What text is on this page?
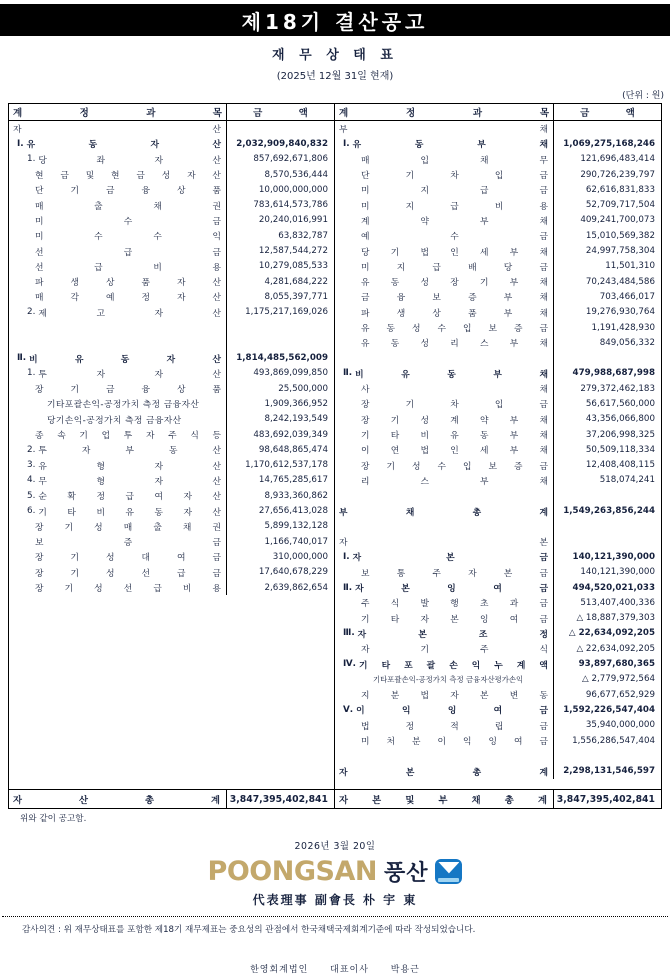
제18기 결산공고
재 무 상 태 표
(2025년 12월 31일 현재)
(단위 : 원)
계	정	과	목	금	액
자	산
Ⅰ. 유	동	자	산	2,032,909,840,832
1. 당	좌	자	산	857,692,671,806
현 금 및 현 금 성 자 산	8,570,536,444
단	기	금	융	상	품	10,000,000,000
매	출	채	권	783,614,573,786
미	수	금	20,240,016,991
미	수	수	익	63,832,787
선	급	금	12,587,544,272
선	급	비	용	10,279,085,533
파	생	상	품	자	산	4,281,684,222
매	각	예	정	자	산	8,055,397,771
2. 제	고	자	산	1,175,217,169,026
Ⅱ. 비	유	동	자	산	1,814,485,562,009
1. 투	자	자	산	493,869,099,850
장	기	금	융	상	품	25,500,000
기타포괄손익-공정가치 측정 금융자산	1,909,366,952
당기손익-공정가치 측정 금융자산	8,242,193,549
종 속 기 업 투 자 주 식 등	483,692,039,349
2. 투	자	부	동	산	98,648,865,474
3. 유	형	자	산	1,170,612,537,178
4. 무	형	자	산	14,765,285,617
5. 순 확 정 급 여 자 산	8,933,360,862
6. 기 타 비 유 동 자 산	27,656,413,028
장 기 성 매 출 채 권	5,899,132,128
보	증	금	1,166,740,017
장	기	성	대	여	금	310,000,000
장	기	성	선	급	금	17,640,678,229
장 기 성 선 급 비 용	2,639,862,654
자	산	총	계 3,847,395,402,841
계	정	과	목	금	액
부	채
Ⅰ. 유	동	부	채	1,069,275,168,246
매	입	채	무	121,696,483,414
단	기	차	입	금	290,726,239,797
미	지	급	금	62,616,831,833
미	지	급	비	용	52,709,717,504
계	약	부	채	409,241,700,073
예	수	금	15,010,569,382
당 기 법 인 세 부 채	24,997,758,304
미	지	급	배	당	금	11,501,310
유 동 성 장 기 부 채	70,243,484,586
금	융	보	증	부	채	703,466,017
파	생	상	품	부	채	19,276,930,764
유 동 성 수 입 보 증 금	1,191,428,930
유 동 성 리 스 부 채	849,056,332
Ⅱ. 비	유	동	부	채	479,988,687,998
사	채	279,372,462,183
장	기	차	입	금	56,617,560,000
장 기 성 계 약 부 채	43,356,066,800
기 타 비 유 동 부 채	37,206,998,325
이 연 법 인 세 부 채	50,509,118,334
장 기 성 수 입 보 증 금	12,408,408,115
리	스	부	채	518,074,241
부	채	총	계	1,549,263,856,244
자	본
Ⅰ. 자	본	금	140,121,390,000
보	통	주	자	본	금	140,121,390,000
Ⅱ. 자	본	잉	여	금	494,520,021,033
주 식 발 행 초 과 금	513,407,400,336
기 타 자 본 잉 여 금	△ 18,887,379,303
Ⅲ. 자	본	조	정	△ 22,634,092,205
자	기	주	식	△ 22,634,092,205
Ⅳ. 기 타 포 괄 손 익 누 계 액	93,897,680,365
기타포괄손익-공정가치 측정 금융자산평가손익	△ 2,779,972,564
지 분 법 자 본 변 동	96,677,652,929
Ⅴ. 이	익	잉	여	금	1,592,226,547,404
법	정	적	립	금	35,940,000,000
미 처 분 이 익 잉 여 금	1,556,286,547,404
자	본	총	계	2,298,131,546,597
자	본	및	부	채	총	계 3,847,395,402,841
위와 같이 공고함.
2026년 3월 20일
POONGSAN 풍산
代表理事 副會長 朴 宇 東
감사의견 : 위 재무상태표를 포함한 제18기 재무제표는 중요성의 관점에서 한국채택국제회계기준에 따라 작성되었습니다.
한영회계법인 대표이사 박용근
